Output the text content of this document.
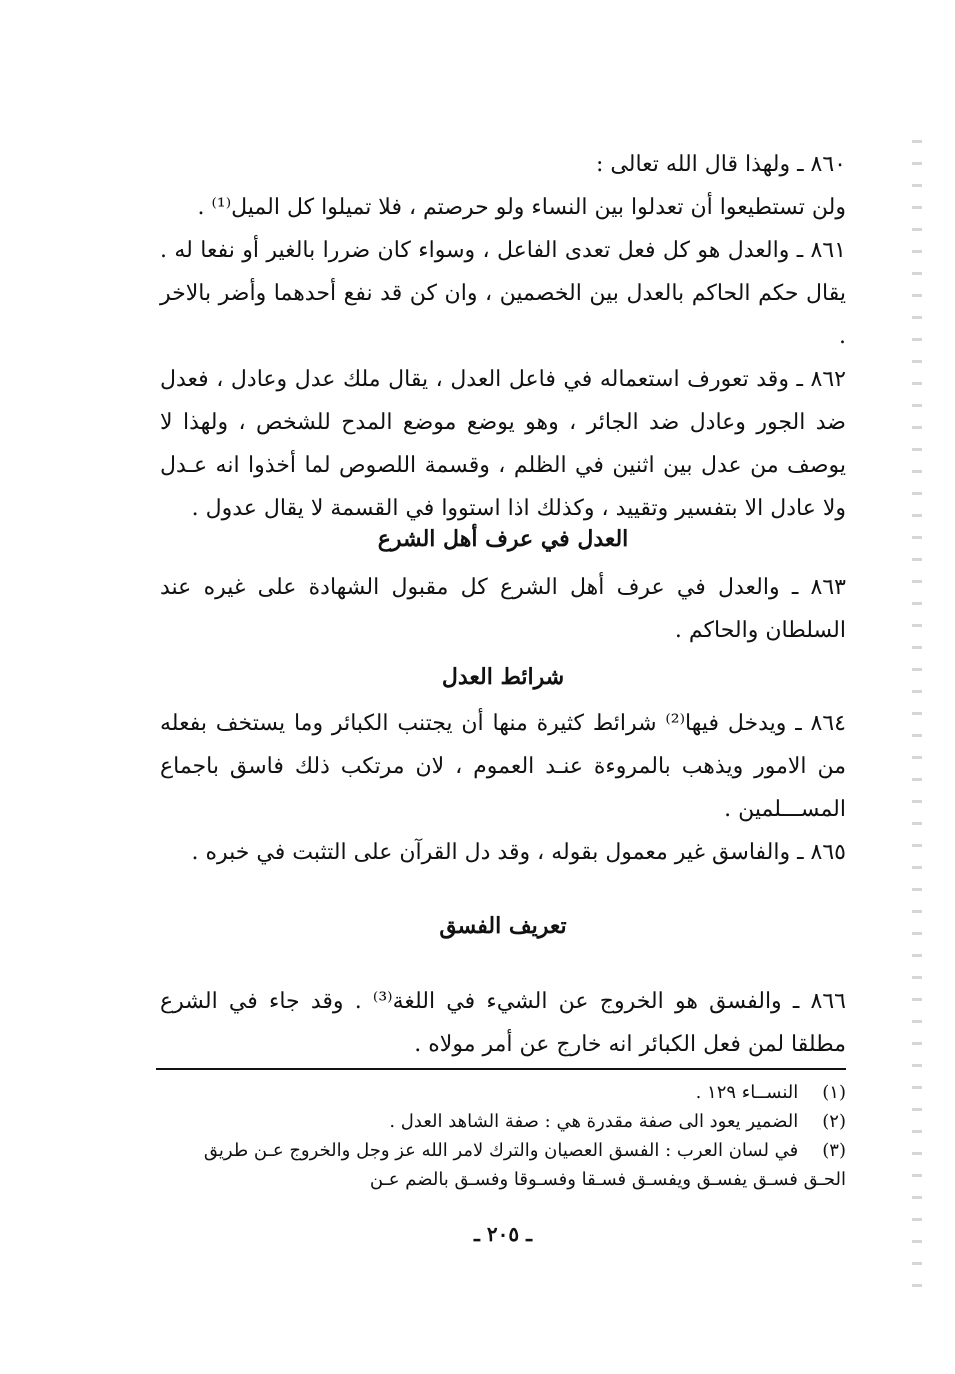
٨٦٠ ـ ولهذا قال الله تعالى :

ولن تستطيعوا أن تعدلوا بين النساء ولو حرصتم ، فلا تميلوا كل الميل⁽¹⁾ .

٨٦١ ـ والعدل هو كل فعل تعدى الفاعل ، وسواء كان ضررا بالغير أو نفعا له . يقال حكم الحاكم بالعدل بين الخصمين ، وان كن قد نفع أحدهما وأضر بالاخر .

٨٦٢ ـ وقد تعورف استعماله في فاعل العدل ، يقال ملك عدل وعادل ، فعدل ضد الجور وعادل ضد الجائر ، وهو يوضع موضع المدح للشخص ، ولهذا لا يوصف من عدل بين اثنين في الظلم ، وقسمة اللصوص لما أخذوا انه عـدل ولا عادل الا بتفسير وتقييد ، وكذلك اذا استووا في القسمة لا يقال عدول .

العدل في عرف أهل الشرع

٨٦٣ ـ والعدل في عرف أهل الشرع كل مقبول الشهادة على غيره عند السلطان والحاكم .

شرائط العدل

٨٦٤ ـ ويدخل فيها⁽²⁾ شرائط كثيرة منها أن يجتنب الكبائر وما يستخف بفعله من الامور ويذهب بالمروءة عنـد العموم ، لان مرتكب ذلك فاسق باجماع المســـلمين .

٨٦٥ ـ والفاسق غير معمول بقوله ، وقد دل القرآن على التثبت في خبره .

تعريف الفسق

٨٦٦ ـ والفسق هو الخروج عن الشيء في اللغة⁽³⁾ . وقد جاء في الشرع مطلقا لمن فعل الكبائر انه خارج عن أمر مولاه .

(١) النســاء ١٢٩ .

(٢) الضمير يعود الى صفة مقدرة هي : صفة الشاهد العدل .

(٣) في لسان العرب : الفسق العصيان والترك لامر الله عز وجل والخروج عـن طريق الحـق فسـق يفسـق ويفسـق فسـقا وفسـوقا وفسـق بالضم عـن

ـ ٢٠٥ ـ
